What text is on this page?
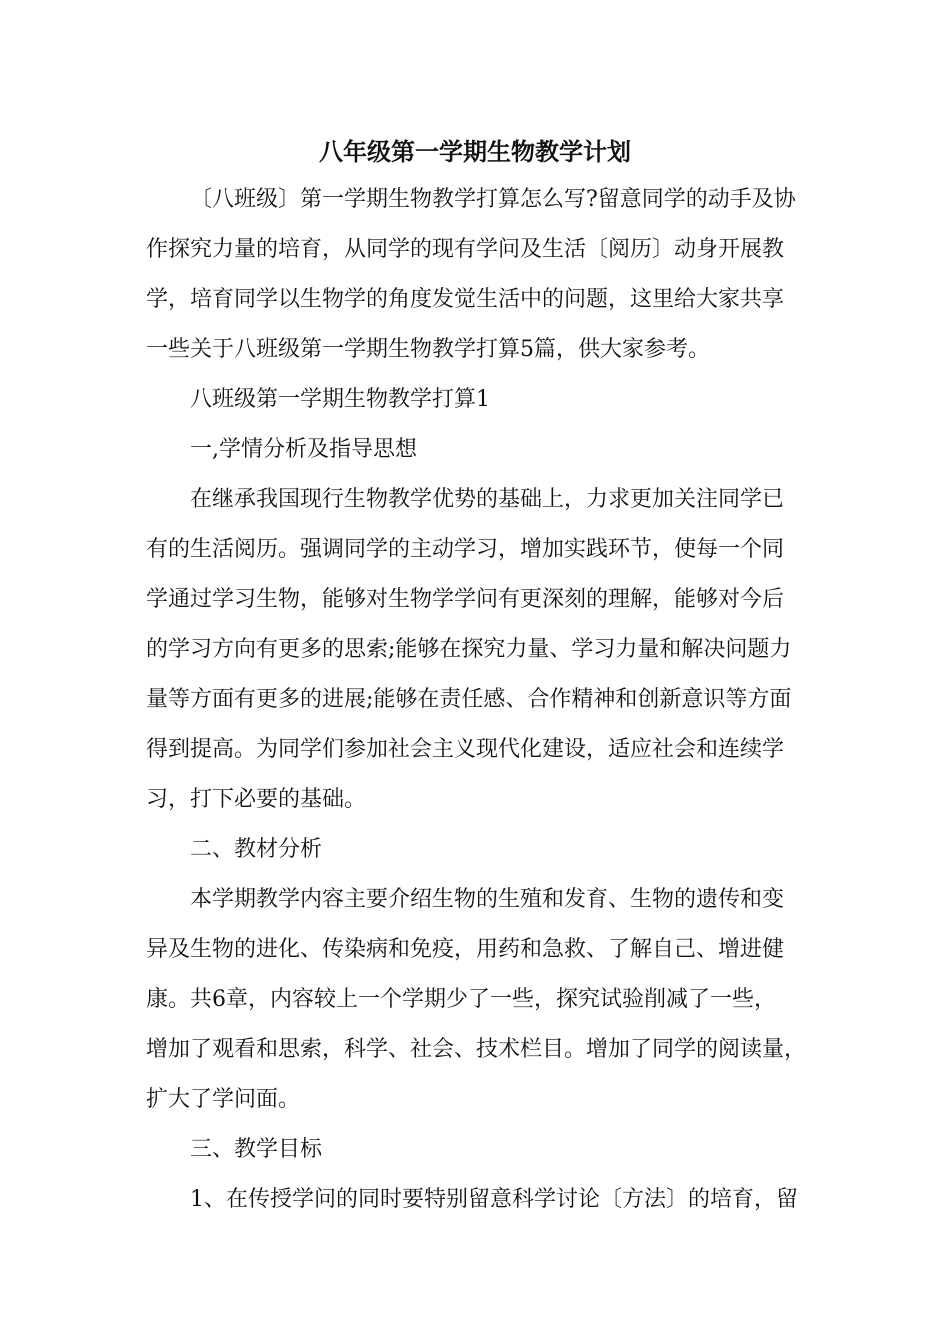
八年级第一学期生物教学计划
〔八班级〕第一学期生物教学打算怎么写?留意同学的动手及协
作探究力量的培育，从同学的现有学问及生活〔阅历〕动身开展教
学，培育同学以生物学的角度发觉生活中的问题，这里给大家共享
一些关于八班级第一学期生物教学打算5篇，供大家参考。
八班级第一学期生物教学打算1
一,学情分析及指导思想
在继承我国现行生物教学优势的基础上，力求更加关注同学已
有的生活阅历。强调同学的主动学习，增加实践环节，使每一个同
学通过学习生物，能够对生物学学问有更深刻的理解，能够对今后
的学习方向有更多的思索;能够在探究力量、学习力量和解决问题力
量等方面有更多的进展;能够在责任感、合作精神和创新意识等方面
得到提高。为同学们参加社会主义现代化建设，适应社会和连续学
习，打下必要的基础。
二、教材分析
本学期教学内容主要介绍生物的生殖和发育、生物的遗传和变
异及生物的进化、传染病和免疫，用药和急救、了解自己、增进健
康。共6章，内容较上一个学期少了一些，探究试验削减了一些，
增加了观看和思索，科学、社会、技术栏目。增加了同学的阅读量，
扩大了学问面。
三、教学目标
1、在传授学问的同时要特别留意科学讨论〔方法〕的培育，留
